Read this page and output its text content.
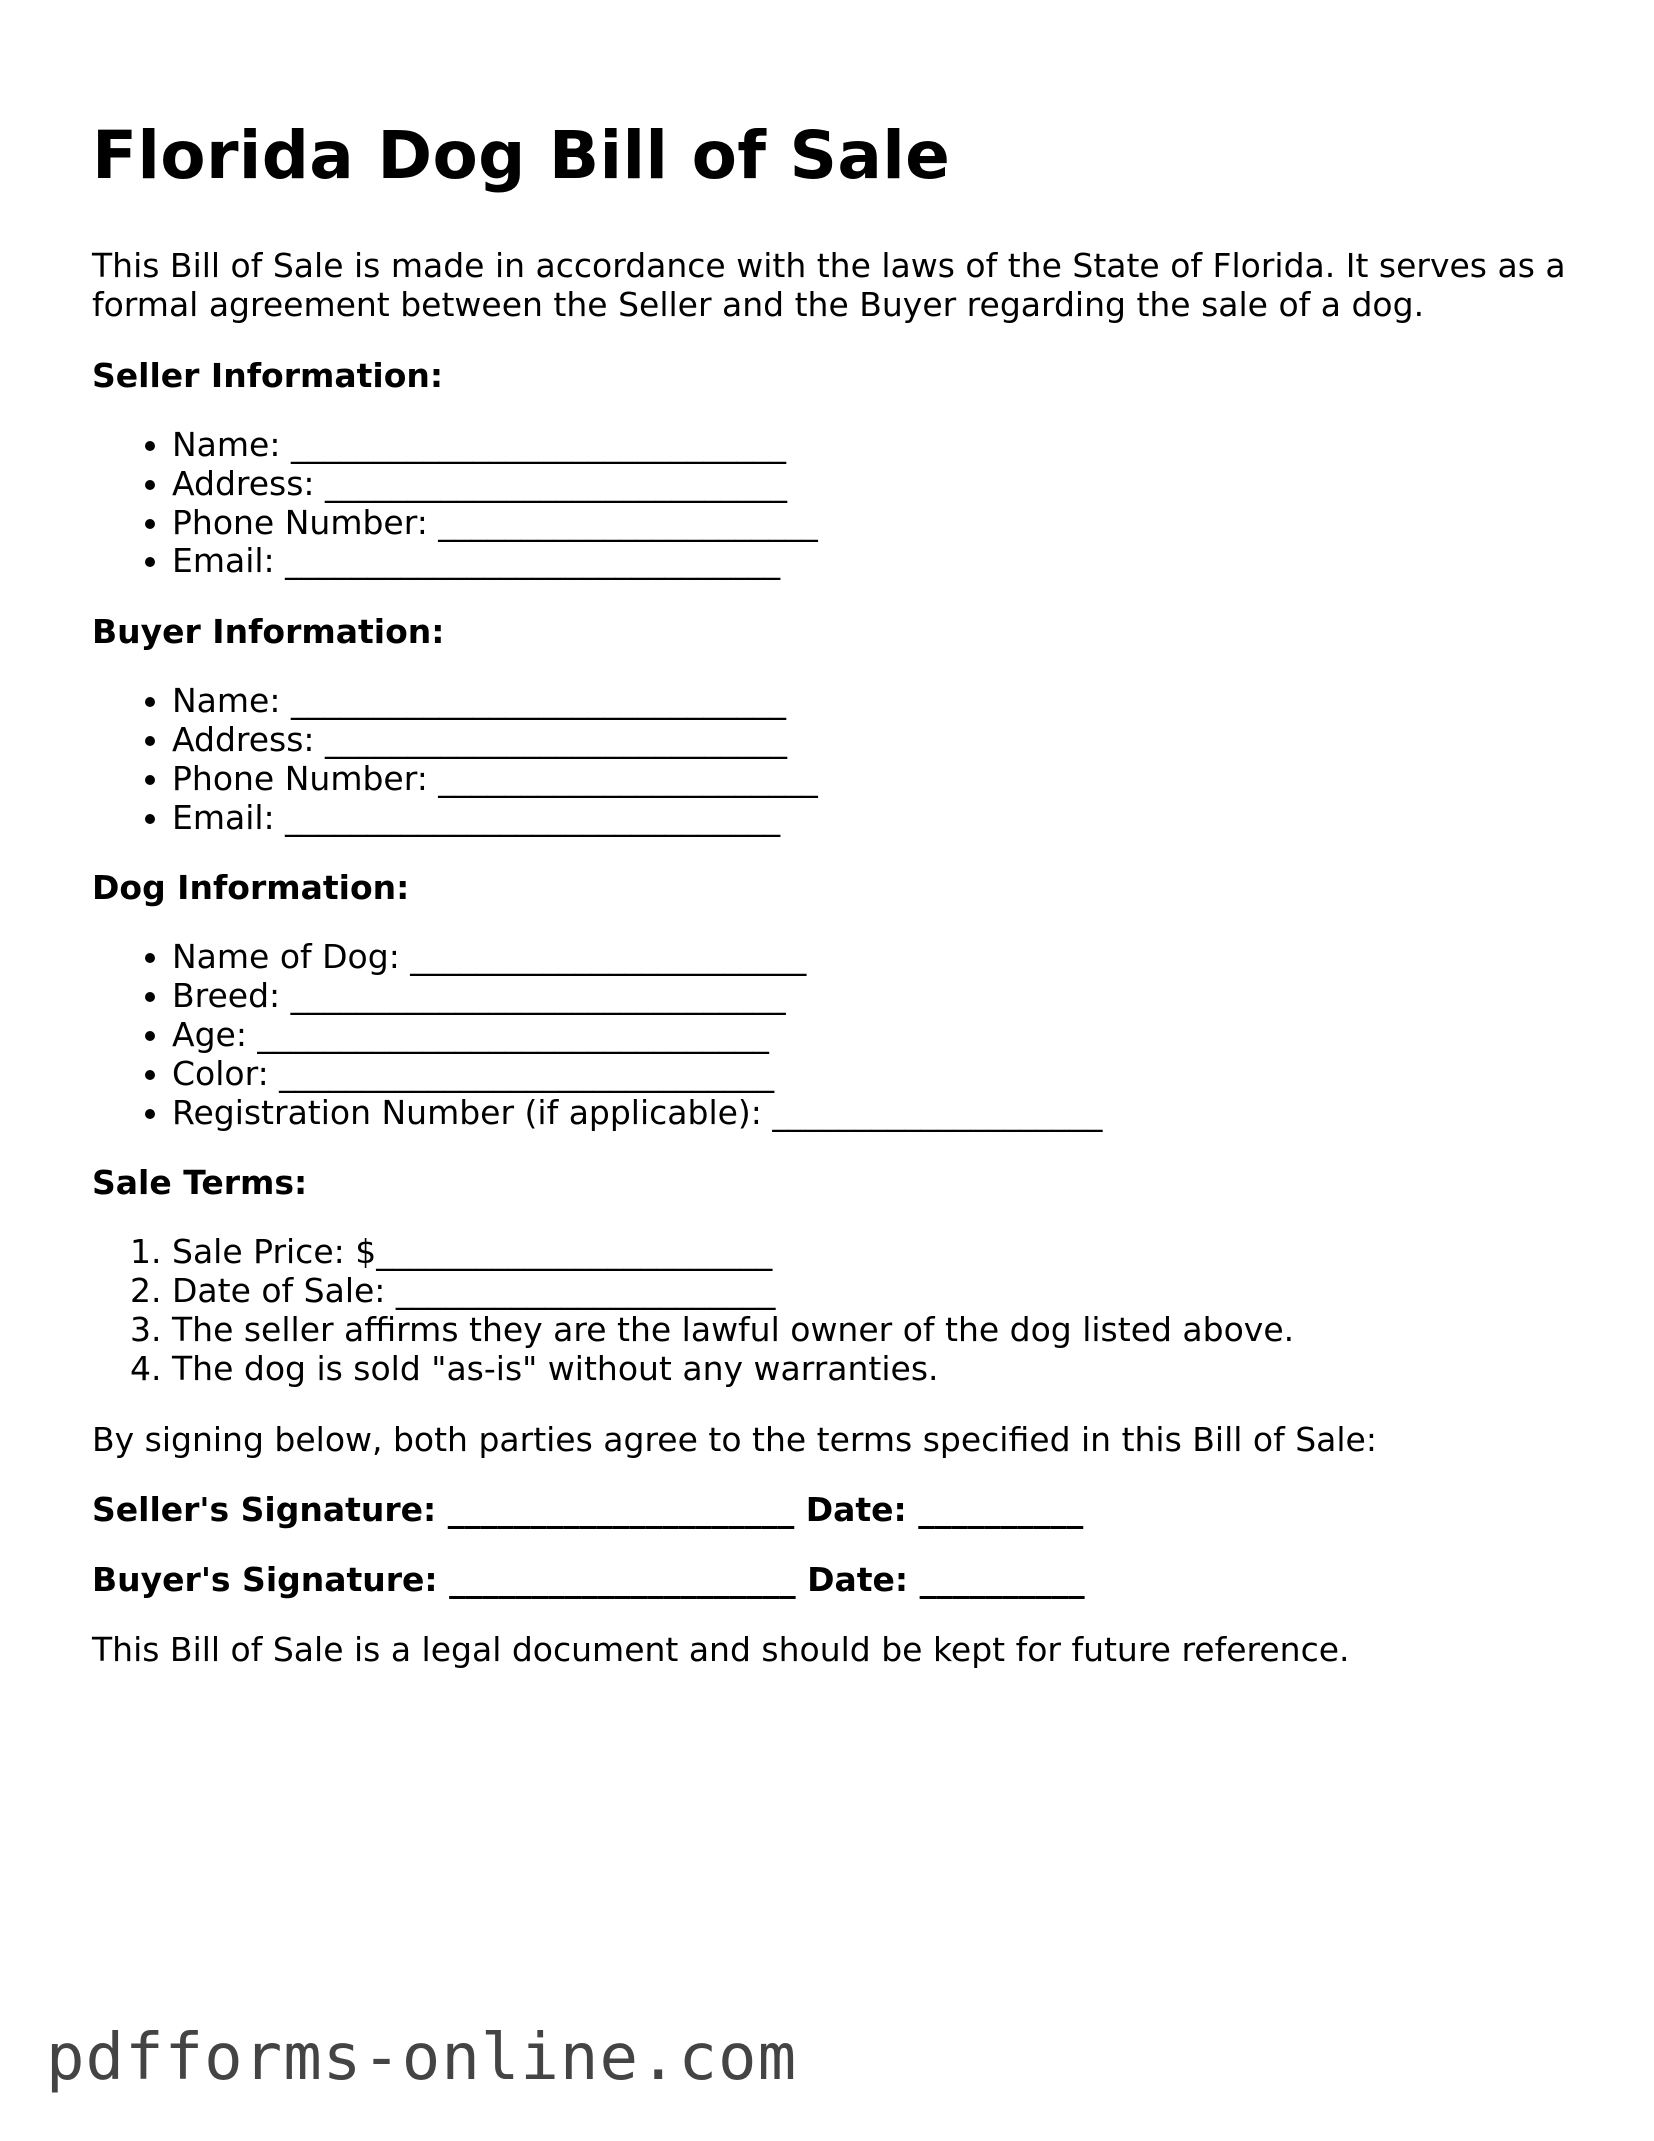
Florida Dog Bill of Sale

This Bill of Sale is made in accordance with the laws of the State of Florida. It serves as a formal agreement between the Seller and the Buyer regarding the sale of a dog.

Seller Information:
• Name: ______________________________
• Address: ____________________________
• Phone Number: _______________________
• Email: ______________________________
Buyer Information:
• Name: ______________________________
• Address: ____________________________
• Phone Number: _______________________
• Email: ______________________________
Dog Information:
• Name of Dog: ________________________
• Breed: ______________________________
• Age: _______________________________
• Color: ______________________________
• Registration Number (if applicable): ____________________
Sale Terms:
1. Sale Price: $________________________
2. Date of Sale: _______________________
3. The seller affirms they are the lawful owner of the dog listed above.
4. The dog is sold "as-is" without any warranties.

By signing below, both parties agree to the terms specified in this Bill of Sale:

Seller's Signature: _____________________ Date: __________

Buyer's Signature: _____________________ Date: __________

This Bill of Sale is a legal document and should be kept for future reference.

pdfforms-online.com
